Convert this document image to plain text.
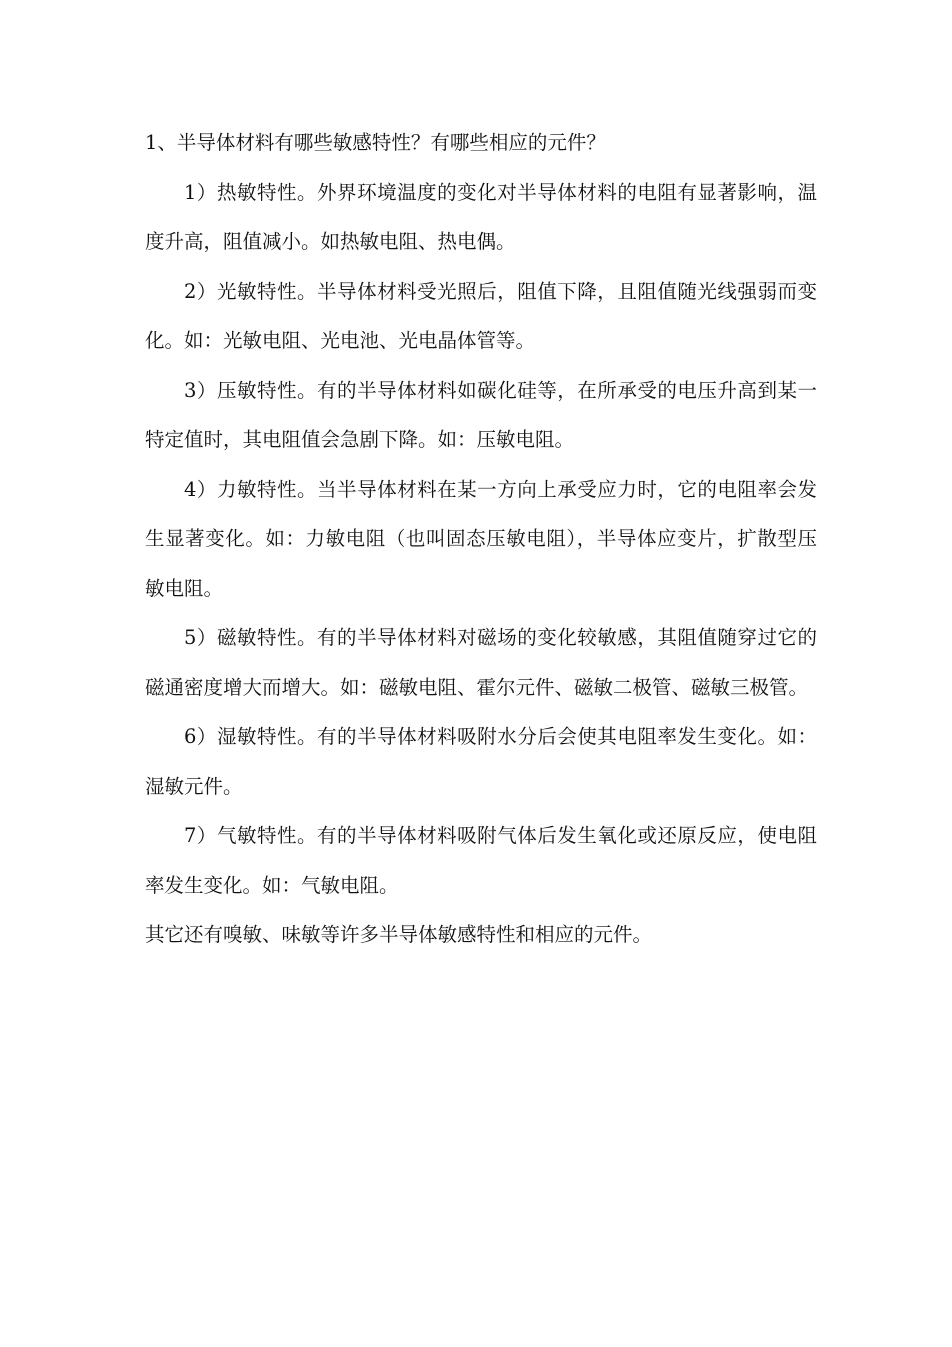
1、半导体材料有哪些敏感特性？有哪些相应的元件？

1）热敏特性。外界环境温度的变化对半导体材料的电阻有显著影响，温度升高，阻值减小。如热敏电阻、热电偶。

2）光敏特性。半导体材料受光照后，阻值下降，且阻值随光线强弱而变化。如：光敏电阻、光电池、光电晶体管等。

3）压敏特性。有的半导体材料如碳化硅等，在所承受的电压升高到某一特定值时，其电阻值会急剧下降。如：压敏电阻。

4）力敏特性。当半导体材料在某一方向上承受应力时，它的电阻率会发生显著变化。如：力敏电阻（也叫固态压敏电阻），半导体应变片，扩散型压敏电阻。

5）磁敏特性。有的半导体材料对磁场的变化较敏感，其阻值随穿过它的磁通密度增大而增大。如：磁敏电阻、霍尔元件、磁敏二极管、磁敏三极管。

6）湿敏特性。有的半导体材料吸附水分后会使其电阻率发生变化。如：湿敏元件。

7）气敏特性。有的半导体材料吸附气体后发生氧化或还原反应，使电阻率发生变化。如：气敏电阻。

其它还有嗅敏、味敏等许多半导体敏感特性和相应的元件。
